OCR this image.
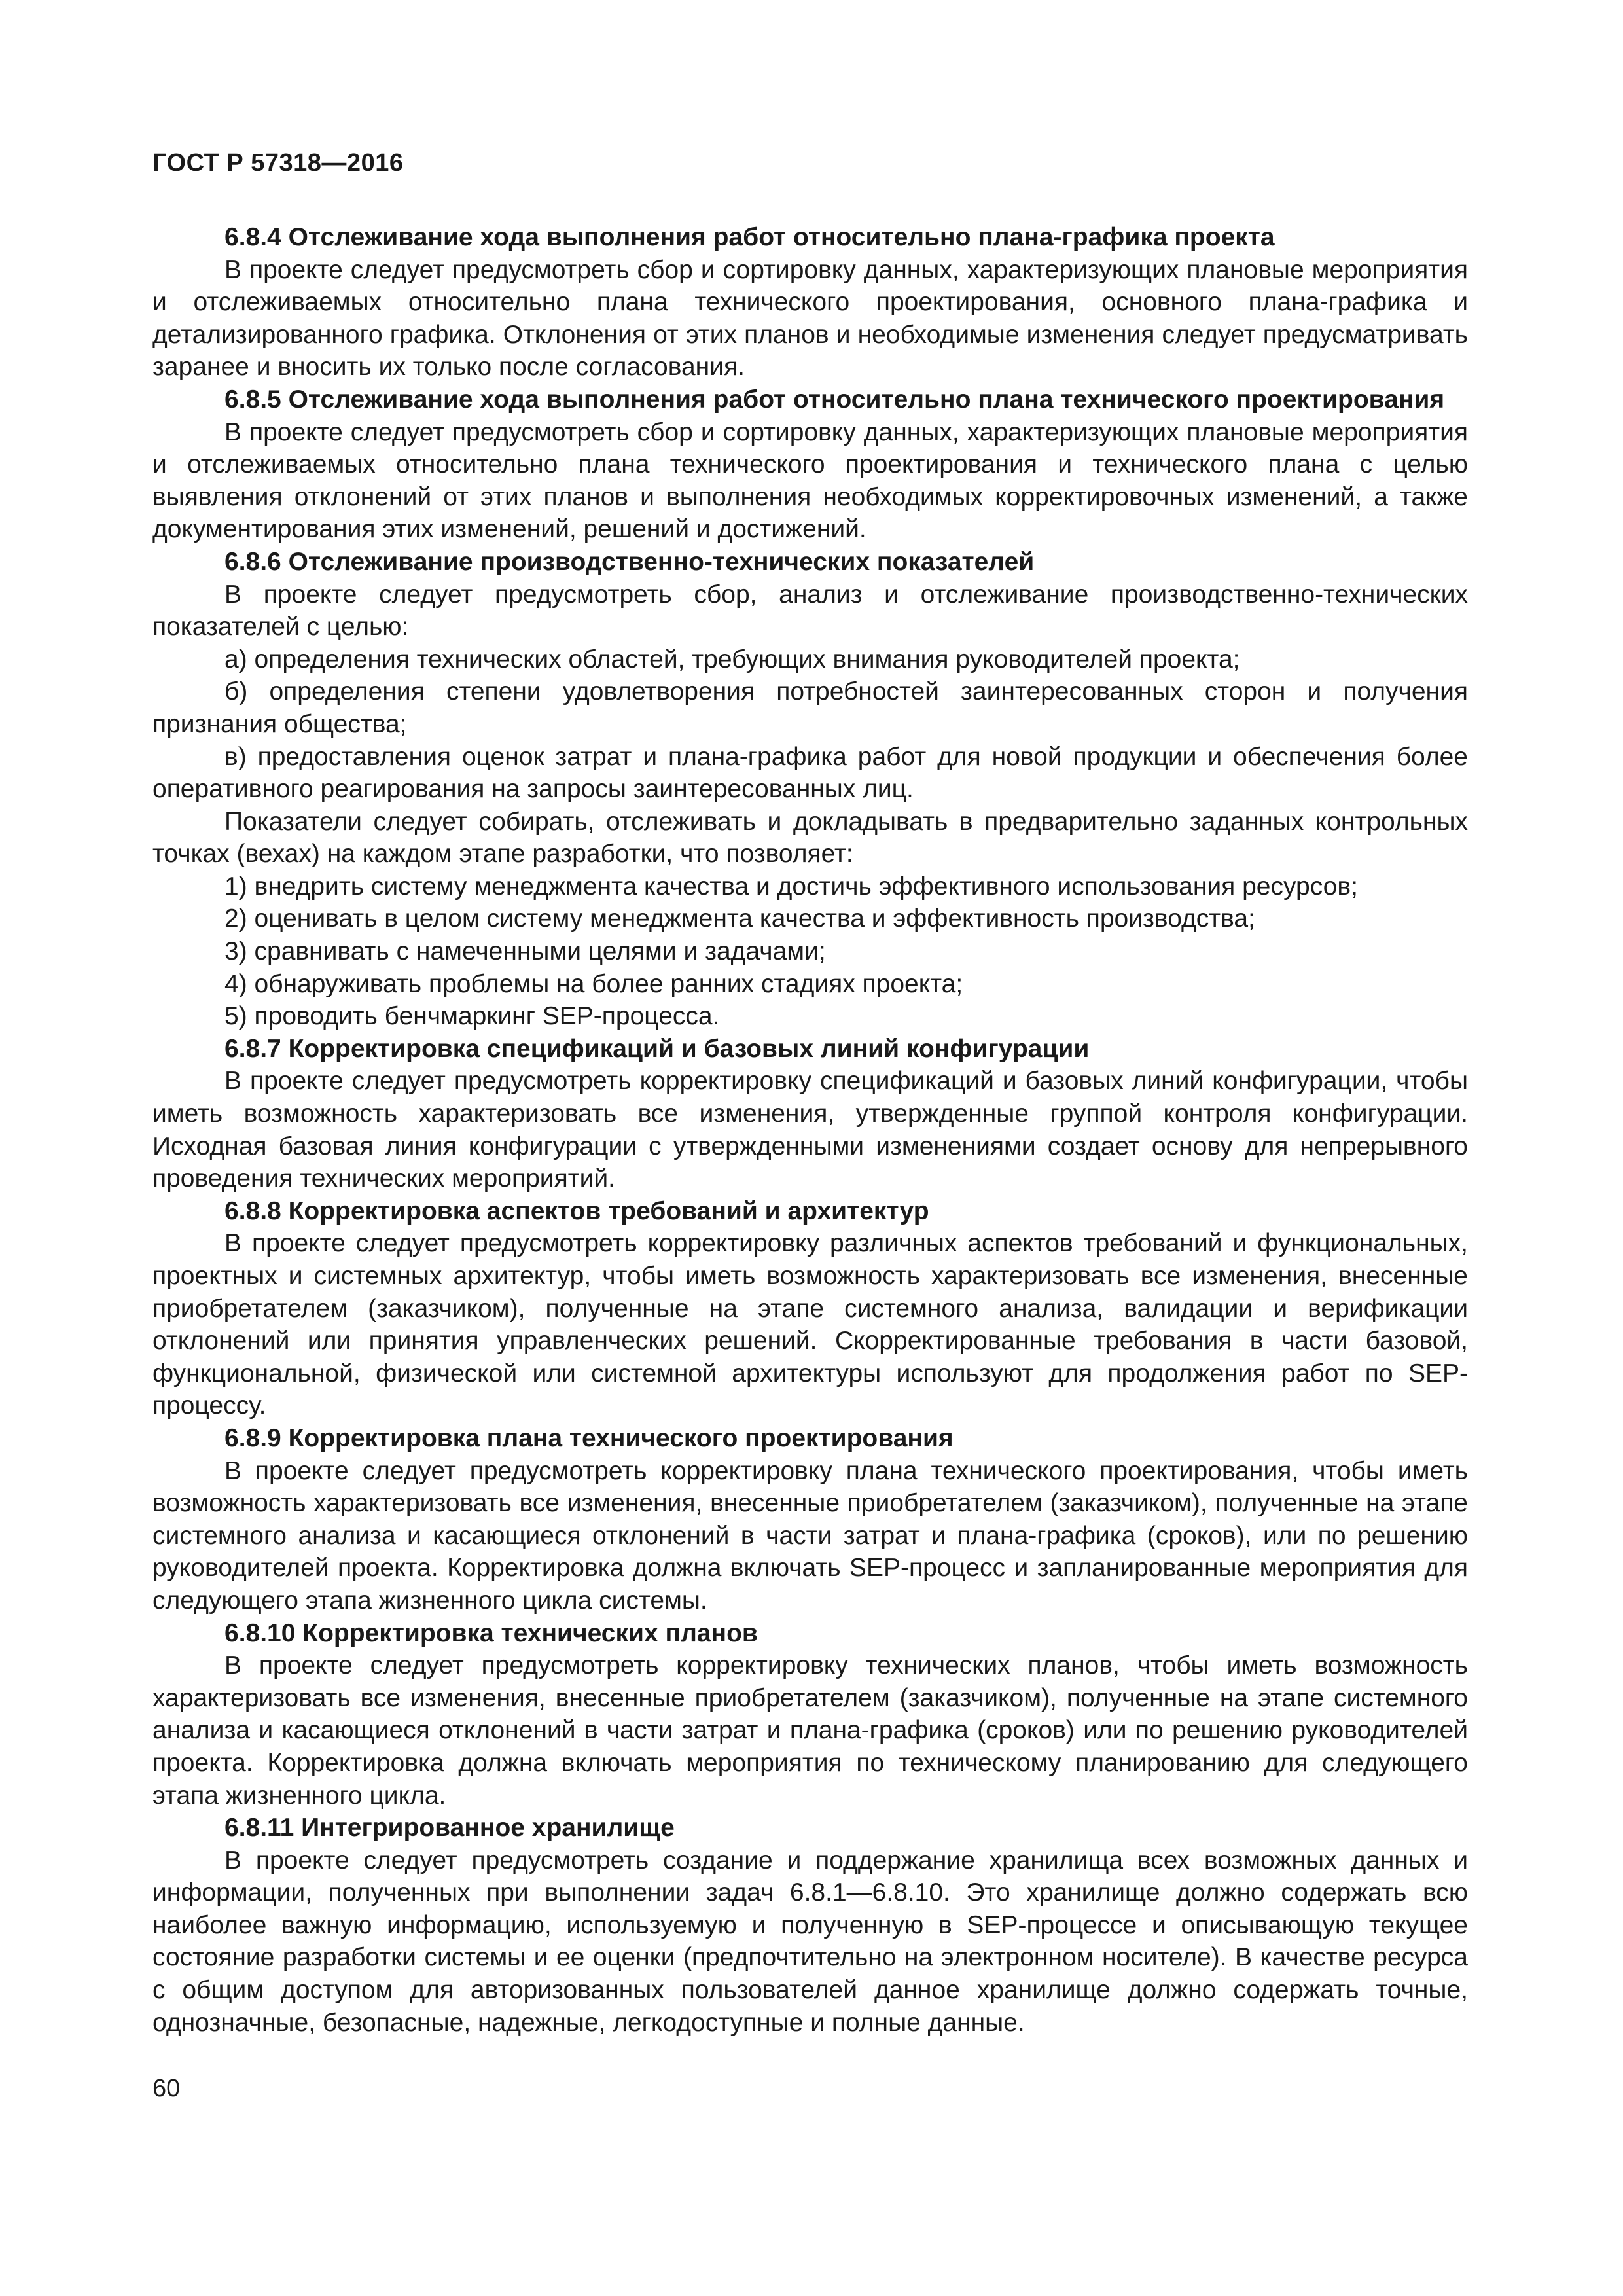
ГОСТ Р 57318—2016
6.8.4 Отслеживание хода выполнения работ относительно плана-графика проекта

В проекте следует предусмотреть сбор и сортировку данных, характеризующих плановые мероприятия и отслеживаемых относительно плана технического проектирования, основного плана-графика и детализированного графика. Отклонения от этих планов и необходимые изменения следует предусматривать заранее и вносить их только после согласования.

6.8.5 Отслеживание хода выполнения работ относительно плана технического проектирования

В проекте следует предусмотреть сбор и сортировку данных, характеризующих плановые мероприятия и отслеживаемых относительно плана технического проектирования и технического плана с целью выявления отклонений от этих планов и выполнения необходимых корректировочных изменений, а также документирования этих изменений, решений и достижений.

6.8.6 Отслеживание производственно-технических показателей

В проекте следует предусмотреть сбор, анализ и отслеживание производственно-технических показателей с целью:

а) определения технических областей, требующих внимания руководителей проекта;

б) определения степени удовлетворения потребностей заинтересованных сторон и получения признания общества;

в) предоставления оценок затрат и плана-графика работ для новой продукции и обеспечения более оперативного реагирования на запросы заинтересованных лиц.

Показатели следует собирать, отслеживать и докладывать в предварительно заданных контрольных точках (вехах) на каждом этапе разработки, что позволяет:

1) внедрить систему менеджмента качества и достичь эффективного использования ресурсов;

2) оценивать в целом систему менеджмента качества и эффективность производства;

3) сравнивать с намеченными целями и задачами;

4) обнаруживать проблемы на более ранних стадиях проекта;

5) проводить бенчмаркинг SEP-процесса.

6.8.7 Корректировка спецификаций и базовых линий конфигурации

В проекте следует предусмотреть корректировку спецификаций и базовых линий конфигурации, чтобы иметь возможность характеризовать все изменения, утвержденные группой контроля конфигурации. Исходная базовая линия конфигурации с утвержденными изменениями создает основу для непрерывного проведения технических мероприятий.

6.8.8 Корректировка аспектов требований и архитектур

В проекте следует предусмотреть корректировку различных аспектов требований и функциональных, проектных и системных архитектур, чтобы иметь возможность характеризовать все изменения, внесенные приобретателем (заказчиком), полученные на этапе системного анализа, валидации и верификации отклонений или принятия управленческих решений. Скорректированные требования в части базовой, функциональной, физической или системной архитектуры используют для продолжения работ по SEP-процессу.

6.8.9 Корректировка плана технического проектирования

В проекте следует предусмотреть корректировку плана технического проектирования, чтобы иметь возможность характеризовать все изменения, внесенные приобретателем (заказчиком), полученные на этапе системного анализа и касающиеся отклонений в части затрат и плана-графика (сроков), или по решению руководителей проекта. Корректировка должна включать SEP-процесс и запланированные мероприятия для следующего этапа жизненного цикла системы.

6.8.10 Корректировка технических планов

В проекте следует предусмотреть корректировку технических планов, чтобы иметь возможность характеризовать все изменения, внесенные приобретателем (заказчиком), полученные на этапе системного анализа и касающиеся отклонений в части затрат и плана-графика (сроков) или по решению руководителей проекта. Корректировка должна включать мероприятия по техническому планированию для следующего этапа жизненного цикла.

6.8.11 Интегрированное хранилище

В проекте следует предусмотреть создание и поддержание хранилища всех возможных данных и информации, полученных при выполнении задач 6.8.1—6.8.10. Это хранилище должно содержать всю наиболее важную информацию, используемую и полученную в SEP-процессе и описывающую текущее состояние разработки системы и ее оценки (предпочтительно на электронном носителе). В качестве ресурса с общим доступом для авторизованных пользователей данное хранилище должно содержать точные, однозначные, безопасные, надежные, легкодоступные и полные данные.

60
